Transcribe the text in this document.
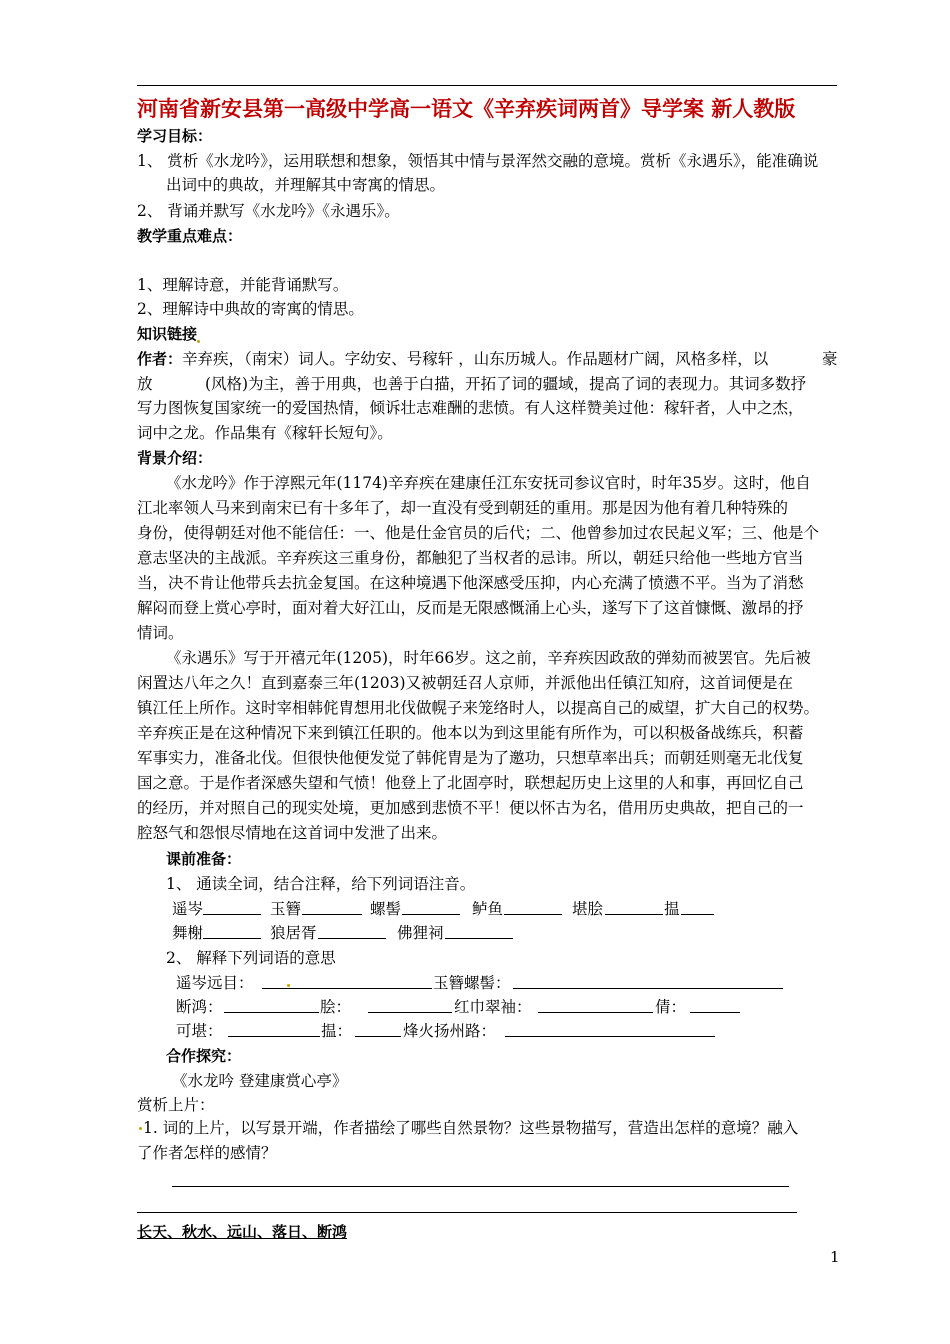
河南省新安县第一高级中学高一语文《辛弃疾词两首》导学案 新人教版
学习目标：
1、 赏析《水龙吟》，运用联想和想象，领悟其中情与景浑然交融的意境。赏析《永遇乐》，能准确说
出词中的典故，并理解其中寄寓的情思。
2、 背诵并默写《水龙吟》《永遇乐》。
教学重点难点：
1、理解诗意，并能背诵默写。
2、理解诗中典故的寄寓的情思。
知识链接
作者：辛弃疾，（南宋）词人。字幼安、号稼轩 ，山东历城人。作品题材广阔，风格多样，以	豪
放	(风格)为主，善于用典，也善于白描，开拓了词的疆域，提高了词的表现力。其词多数抒
写力图恢复国家统一的爱国热情，倾诉壮志难酬的悲愤。有人这样赞美过他：稼轩者，人中之杰，
词中之龙。作品集有《稼轩长短句》。
背景介绍：
《水龙吟》作于淳熙元年(1174)辛弃疾在建康任江东安抚司参议官时，时年35岁。这时，他自
江北率领人马来到南宋已有十多年了，却一直没有受到朝廷的重用。那是因为他有着几种特殊的
身份，使得朝廷对他不能信任：一、他是仕金官员的后代；二、他曾参加过农民起义军；三、他是个
意志坚决的主战派。辛弃疾这三重身份，都触犯了当权者的忌讳。所以，朝廷只给他一些地方官当
当，决不肯让他带兵去抗金复国。在这种境遇下他深感受压抑，内心充满了愤懑不平。当为了消愁
解闷而登上赏心亭时，面对着大好江山，反而是无限感慨涌上心头，遂写下了这首慷慨、激昂的抒
情词。
《永遇乐》写于开禧元年(1205)，时年66岁。这之前，辛弃疾因政敌的弹劾而被罢官。先后被
闲置达八年之久！直到嘉泰三年(1203)又被朝廷召人京师，并派他出任镇江知府，这首词便是在
镇江任上所作。这时宰相韩侂胄想用北伐做幌子来笼络时人，以提高自己的威望，扩大自己的权势。
辛弃疾正是在这种情况下来到镇江任职的。他本以为到这里能有所作为，可以积极备战练兵，积蓄
军事实力，准备北伐。但很快他便发觉了韩侂胄是为了邀功，只想草率出兵；而朝廷则毫无北伐复
国之意。于是作者深感失望和气愤！他登上了北固亭时，联想起历史上这里的人和事，再回忆自己
的经历，并对照自己的现实处境，更加感到悲愤不平！便以怀古为名，借用历史典故，把自己的一
腔怒气和怨恨尽情地在这首词中发泄了出来。
课前准备：
1、 通读全词，结合注释，给下列词语注音。
遥岑	玉簪	螺髻	鲈鱼	堪脍	揾
舞榭	狼居胥	佛狸祠
2、 解释下列词语的意思
遥岑远目：	玉簪螺髻：
断鸿：	脍：	红巾翠袖：	倩：
可堪：	揾：	烽火扬州路：
合作探究：
《水龙吟 登建康赏心亭》
赏析上片：
1. 词的上片，以写景开端，作者描绘了哪些自然景物？这些景物描写，营造出怎样的意境？融入
了作者怎样的感情？
长天、秋水、远山、落日、断鸿
1
